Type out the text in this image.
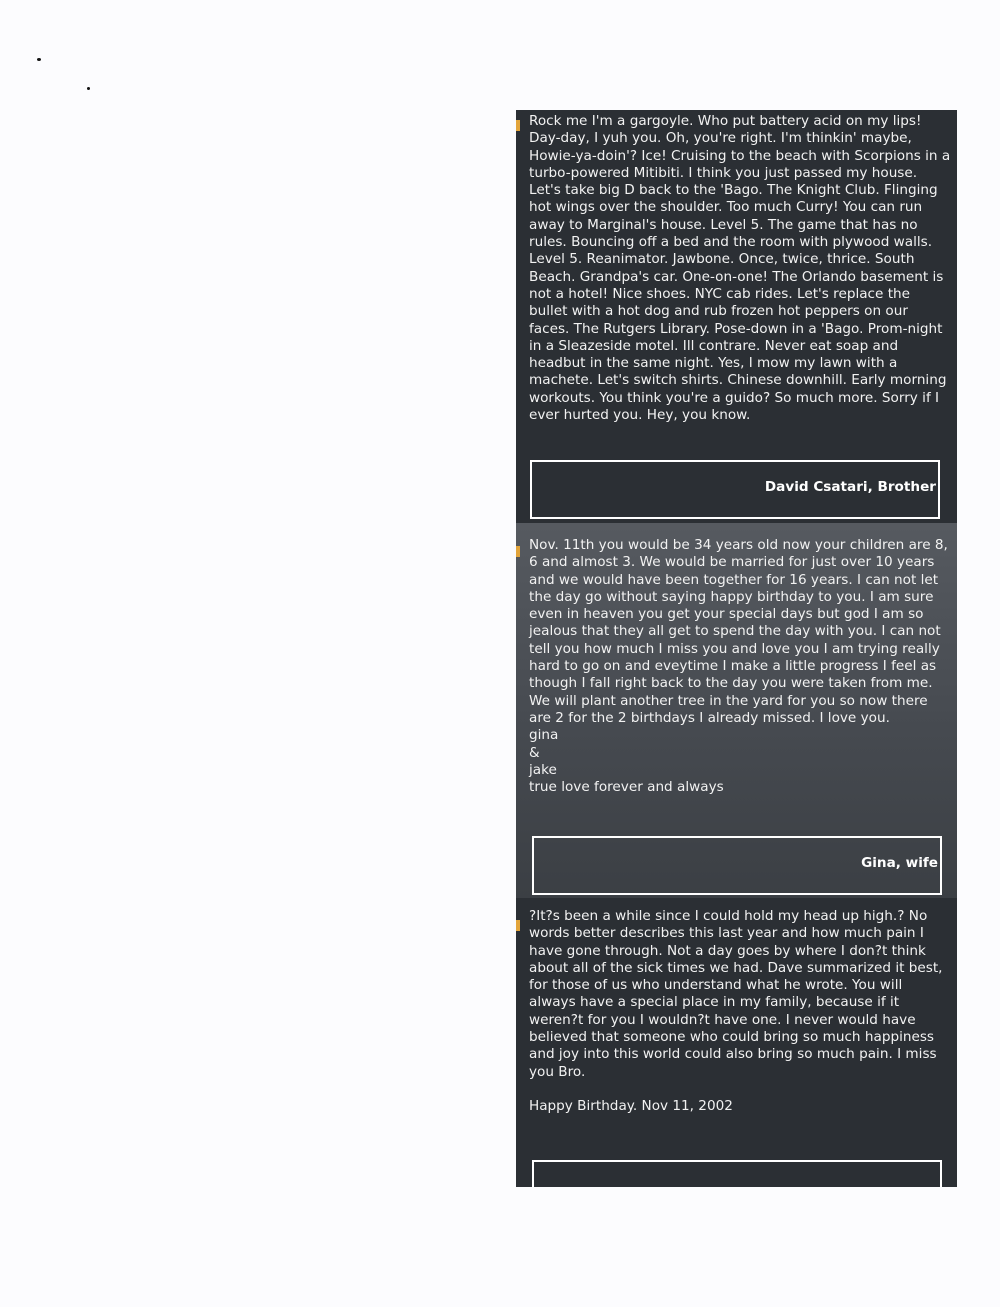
Rock me I'm a gargoyle. Who put battery acid on my lips! Day-day, I yuh you. Oh, you're right. I'm thinkin' maybe, Howie-ya-doin'? Ice! Cruising to the beach with Scorpions in a turbo-powered Mitibiti. I think you just passed my house. Let's take big D back to the 'Bago. The Knight Club. Flinging hot wings over the shoulder. Too much Curry! You can run away to Marginal's house. Level 5. The game that has no rules. Bouncing off a bed and the room with plywood walls. Level 5. Reanimator. Jawbone. Once, twice, thrice. South Beach. Grandpa's car. One-on-one! The Orlando basement is not a hotel! Nice shoes. NYC cab rides. Let's replace the bullet with a hot dog and rub frozen hot peppers on our faces. The Rutgers Library. Pose-down in a 'Bago. Prom-night in a Sleazeside motel. Ill contrare. Never eat soap and headbut in the same night. Yes, I mow my lawn with a machete. Let's switch shirts. Chinese downhill. Early morning workouts. You think you're a guido? So much more. Sorry if I ever hurted you. Hey, you know.

David Csatari, Brother

Nov. 11th you would be 34 years old now your children are 8, 6 and almost 3. We would be married for just over 10 years and we would have been together for 16 years. I can not let the day go without saying happy birthday to you. I am sure even in heaven you get your special days but god I am so jealous that they all get to spend the day with you. I can not tell you how much I miss you and love you I am trying really hard to go on and eveytime I make a little progress I feel as though I fall right back to the day you were taken from me. We will plant another tree in the yard for you so now there are 2 for the 2 birthdays I already missed. I love you.
gina
&
jake
true love forever and always

Gina, wife

?It?s been a while since I could hold my head up high.? No words better describes this last year and how much pain I have gone through. Not a day goes by where I don?t think about all of the sick times we had. Dave summarized it best, for those of us who understand what he wrote. You will always have a special place in my family, because if it weren?t for you I wouldn?t have one. I never would have believed that someone who could bring so much happiness and joy into this world could also bring so much pain. I miss you Bro.

Happy Birthday. Nov 11, 2002
